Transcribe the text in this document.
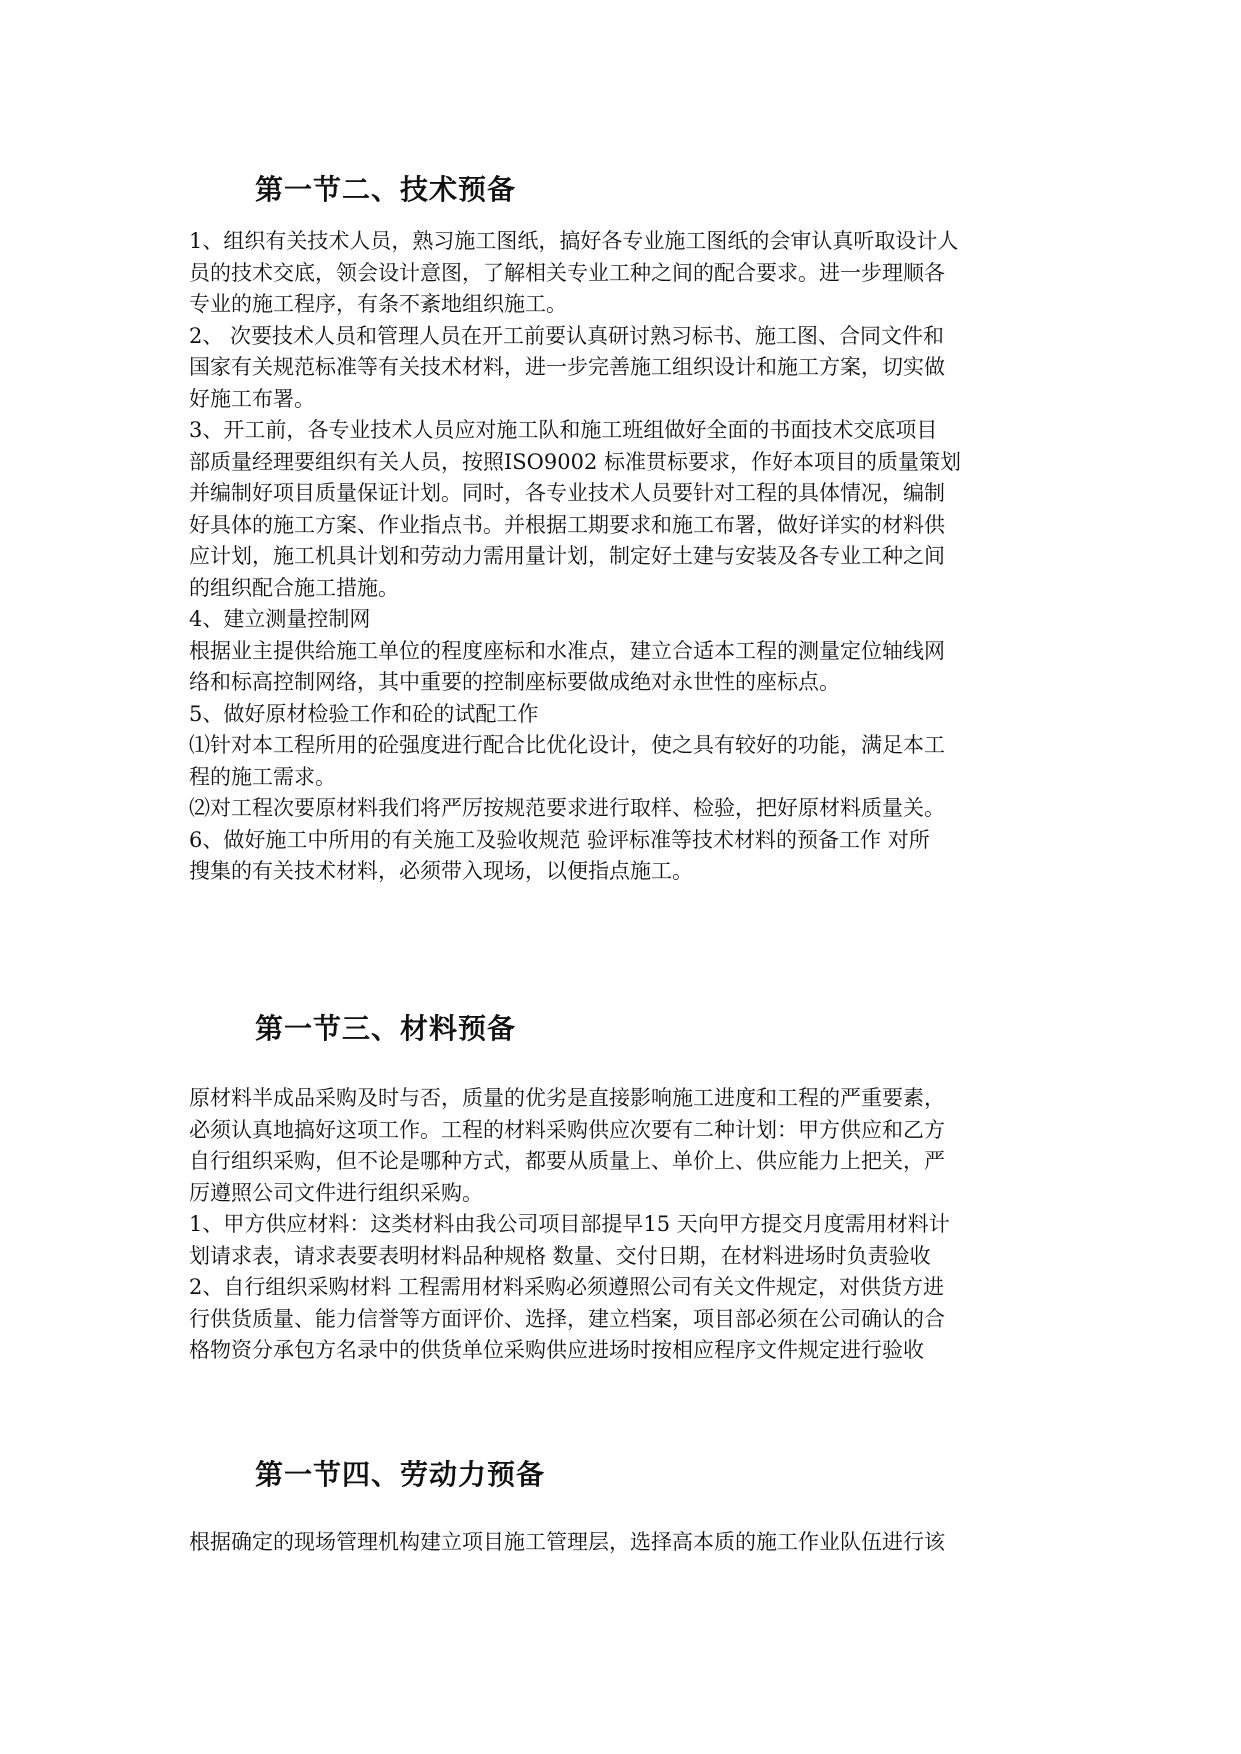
第一节二、技术预备
1、组织有关技术人员，熟习施工图纸，搞好各专业施工图纸的会审认真听取设计人
员的技术交底，领会设计意图，了解相关专业工种之间的配合要求。进一步理顺各
专业的施工程序，有条不紊地组织施工。
2、 次要技术人员和管理人员在开工前要认真研讨熟习标书、施工图、合同文件和
国家有关规范标准等有关技术材料，进一步完善施工组织设计和施工方案，切实做
好施工布署。
3、开工前，各专业技术人员应对施工队和施工班组做好全面的书面技术交底项目
部质量经理要组织有关人员，按照ISO9002 标准贯标要求，作好本项目的质量策划
并编制好项目质量保证计划。同时，各专业技术人员要针对工程的具体情况，编制
好具体的施工方案、作业指点书。并根据工期要求和施工布署，做好详实的材料供
应计划，施工机具计划和劳动力需用量计划，制定好土建与安装及各专业工种之间
的组织配合施工措施。
4、建立测量控制网
根据业主提供给施工单位的程度座标和水准点，建立合适本工程的测量定位轴线网
络和标高控制网络，其中重要的控制座标要做成绝对永世性的座标点。
5、做好原材检验工作和砼的试配工作
⑴针对本工程所用的砼强度进行配合比优化设计，使之具有较好的功能，满足本工
程的施工需求。
⑵对工程次要原材料我们将严厉按规范要求进行取样、检验，把好原材料质量关。
6、做好施工中所用的有关施工及验收规范 验评标准等技术材料的预备工作 对所
搜集的有关技术材料，必须带入现场，以便指点施工。
第一节三、材料预备
原材料半成品采购及时与否，质量的优劣是直接影响施工进度和工程的严重要素，
必须认真地搞好这项工作。工程的材料采购供应次要有二种计划：甲方供应和乙方
自行组织采购，但不论是哪种方式，都要从质量上、单价上、供应能力上把关，严
厉遵照公司文件进行组织采购。
1、甲方供应材料：这类材料由我公司项目部提早15 天向甲方提交月度需用材料计
划请求表，请求表要表明材料品种规格 数量、交付日期，在材料进场时负责验收
2、自行组织采购材料 工程需用材料采购必须遵照公司有关文件规定，对供货方进
行供货质量、能力信誉等方面评价、选择，建立档案，项目部必须在公司确认的合
格物资分承包方名录中的供货单位采购供应进场时按相应程序文件规定进行验收
第一节四、劳动力预备
根据确定的现场管理机构建立项目施工管理层，选择高本质的施工作业队伍进行该
